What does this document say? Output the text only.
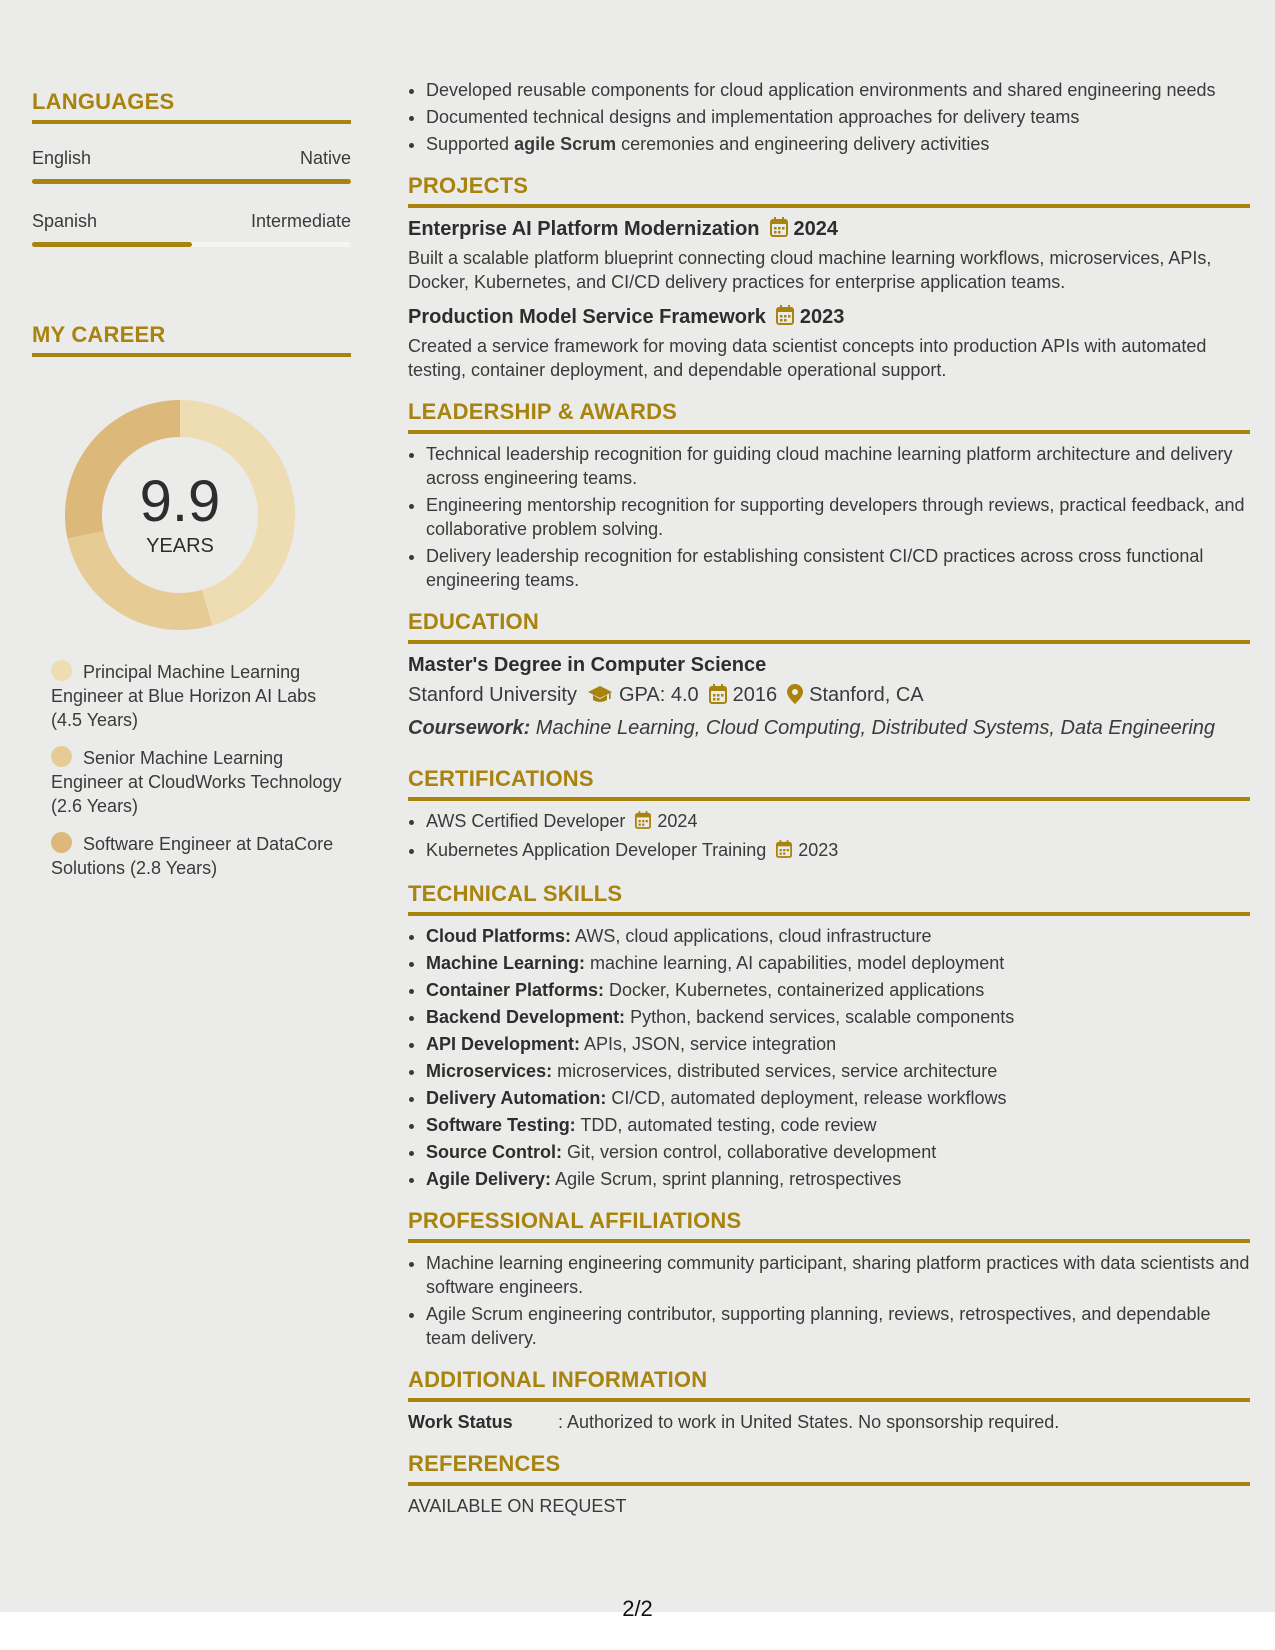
LANGUAGES
English	Native
Spanish	Intermediate
MY CAREER
9.9
YEARS
Principal Machine Learning Engineer at Blue Horizon AI Labs (4.5 Years)
Senior Machine Learning Engineer at CloudWorks Technology (2.6 Years)
Software Engineer at DataCore Solutions (2.8 Years)
• Developed reusable components for cloud application environments and shared engineering needs
• Documented technical designs and implementation approaches for delivery teams
• Supported agile Scrum ceremonies and engineering delivery activities
PROJECTS
Enterprise AI Platform Modernization 2024
Built a scalable platform blueprint connecting cloud machine learning workflows, microservices, APIs, Docker, Kubernetes, and CI/CD delivery practices for enterprise application teams.
Production Model Service Framework 2023
Created a service framework for moving data scientist concepts into production APIs with automated testing, container deployment, and dependable operational support.
LEADERSHIP & AWARDS
• Technical leadership recognition for guiding cloud machine learning platform architecture and delivery across engineering teams.
• Engineering mentorship recognition for supporting developers through reviews, practical feedback, and collaborative problem solving.
• Delivery leadership recognition for establishing consistent CI/CD practices across cross functional engineering teams.
EDUCATION
Master's Degree in Computer Science
Stanford University GPA: 4.0 2016 Stanford, CA
Coursework: Machine Learning, Cloud Computing, Distributed Systems, Data Engineering
CERTIFICATIONS
• AWS Certified Developer 2024
• Kubernetes Application Developer Training 2023
TECHNICAL SKILLS
• Cloud Platforms: AWS, cloud applications, cloud infrastructure
• Machine Learning: machine learning, AI capabilities, model deployment
• Container Platforms: Docker, Kubernetes, containerized applications
• Backend Development: Python, backend services, scalable components
• API Development: APIs, JSON, service integration
• Microservices: microservices, distributed services, service architecture
• Delivery Automation: CI/CD, automated deployment, release workflows
• Software Testing: TDD, automated testing, code review
• Source Control: Git, version control, collaborative development
• Agile Delivery: Agile Scrum, sprint planning, retrospectives
PROFESSIONAL AFFILIATIONS
• Machine learning engineering community participant, sharing platform practices with data scientists and software engineers.
• Agile Scrum engineering contributor, supporting planning, reviews, retrospectives, and dependable team delivery.
ADDITIONAL INFORMATION
Work Status	: Authorized to work in United States. No sponsorship required.
REFERENCES
AVAILABLE ON REQUEST
2/2
